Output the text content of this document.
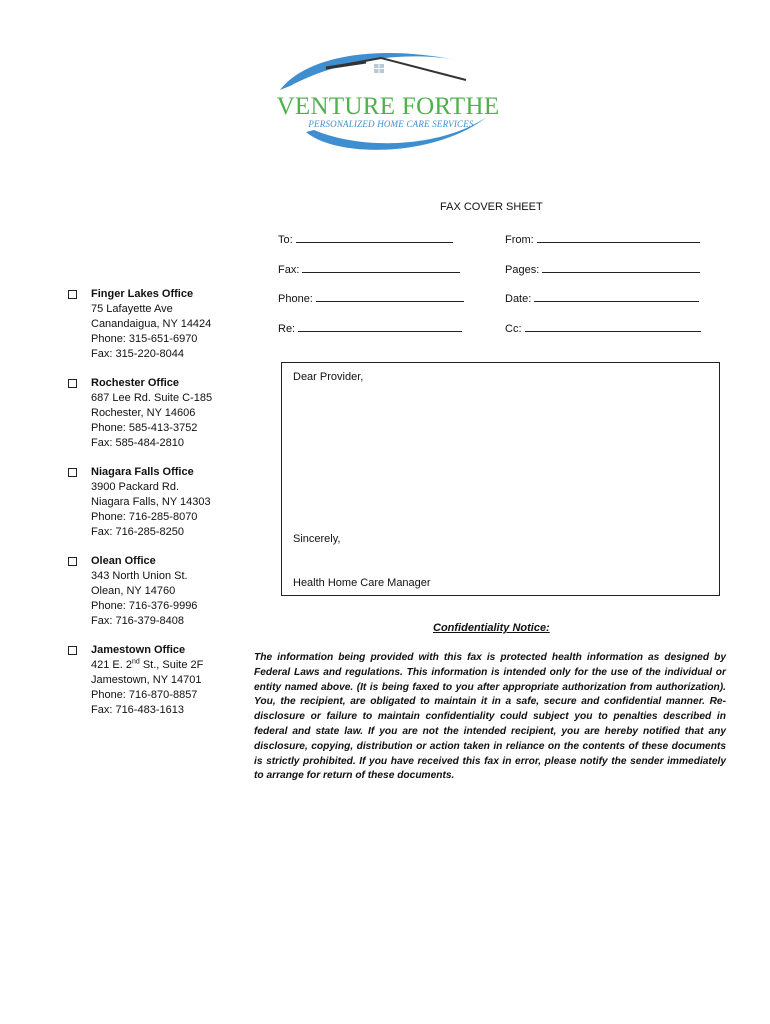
VENTURE FORTHE
PERSONALIZED HOME CARE SERVICES
FAX COVER SHEET
To:	From:
Fax:	Pages:
Phone:	Date:
Re:	Cc:
Finger Lakes Office
75 Lafayette Ave
Canandaigua, NY 14424
Phone: 315-651-6970
Fax: 315-220-8044
Rochester Office
687 Lee Rd. Suite C-185
Rochester, NY 14606
Phone: 585-413-3752
Fax: 585-484-2810
Niagara Falls Office
3900 Packard Rd.
Niagara Falls, NY 14303
Phone: 716-285-8070
Fax: 716-285-8250
Olean Office
343 North Union St.
Olean, NY 14760
Phone: 716-376-9996
Fax: 716-379-8408
Jamestown Office
421 E. 2nd St., Suite 2F
Jamestown, NY 14701
Phone: 716-870-8857
Fax: 716-483-1613
Dear Provider,
Sincerely,
Health Home Care Manager
Confidentiality Notice:
The information being provided with this fax is protected health information as designed by Federal Laws and regulations. This information is intended only for the use of the individual or entity named above. (It is being faxed to you after appropriate authorization from authorization). You, the recipient, are obligated to maintain it in a safe, secure and confidential manner. Re-disclosure or failure to maintain confidentiality could subject you to penalties described in federal and state law. If you are not the intended recipient, you are hereby notified that any disclosure, copying, distribution or action taken in reliance on the contents of these documents is strictly prohibited. If you have received this fax in error, please notify the sender immediately to arrange for return of these documents.
